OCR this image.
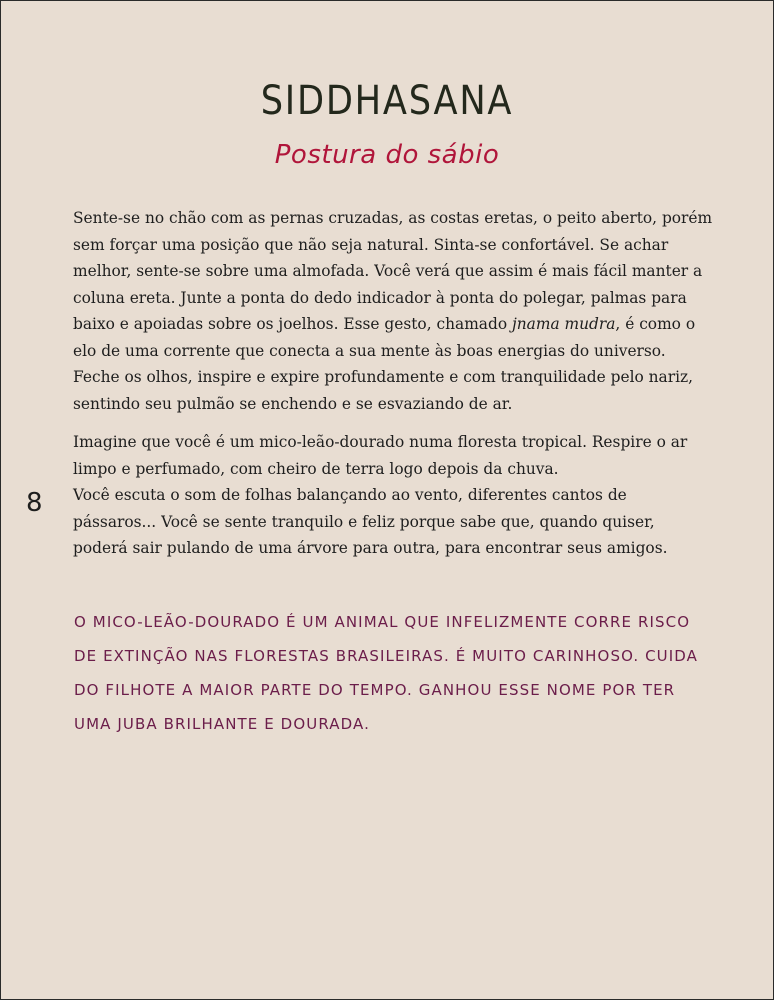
SIDDHASANA
Postura do sábio

Sente-se no chão com as pernas cruzadas, as costas eretas, o peito aberto, porém sem forçar uma posição que não seja natural. Sinta-se confortável. Se achar melhor, sente-se sobre uma almofada. Você verá que assim é mais fácil manter a coluna ereta. Junte a ponta do dedo indicador à ponta do polegar, palmas para baixo e apoiadas sobre os joelhos. Esse gesto, chamado jnama mudra, é como o elo de uma corrente que conecta a sua mente às boas energias do universo. Feche os olhos, inspire e expire profundamente e com tranquilidade pelo nariz, sentindo seu pulmão se enchendo e se esvaziando de ar.

Imagine que você é um mico-leão-dourado numa floresta tropical. Respire o ar limpo e perfumado, com cheiro de terra logo depois da chuva.
Você escuta o som de folhas balançando ao vento, diferentes cantos de pássaros... Você se sente tranquilo e feliz porque sabe que, quando quiser, poderá sair pulando de uma árvore para outra, para encontrar seus amigos.

8
O MICO-LEÃO-DOURADO É UM ANIMAL QUE INFELIZMENTE CORRE RISCO DE EXTINÇÃO NAS FLORESTAS BRASILEIRAS. É MUITO CARINHOSO. CUIDA DO FILHOTE A MAIOR PARTE DO TEMPO. GANHOU ESSE NOME POR TER UMA JUBA BRILHANTE E DOURADA.
